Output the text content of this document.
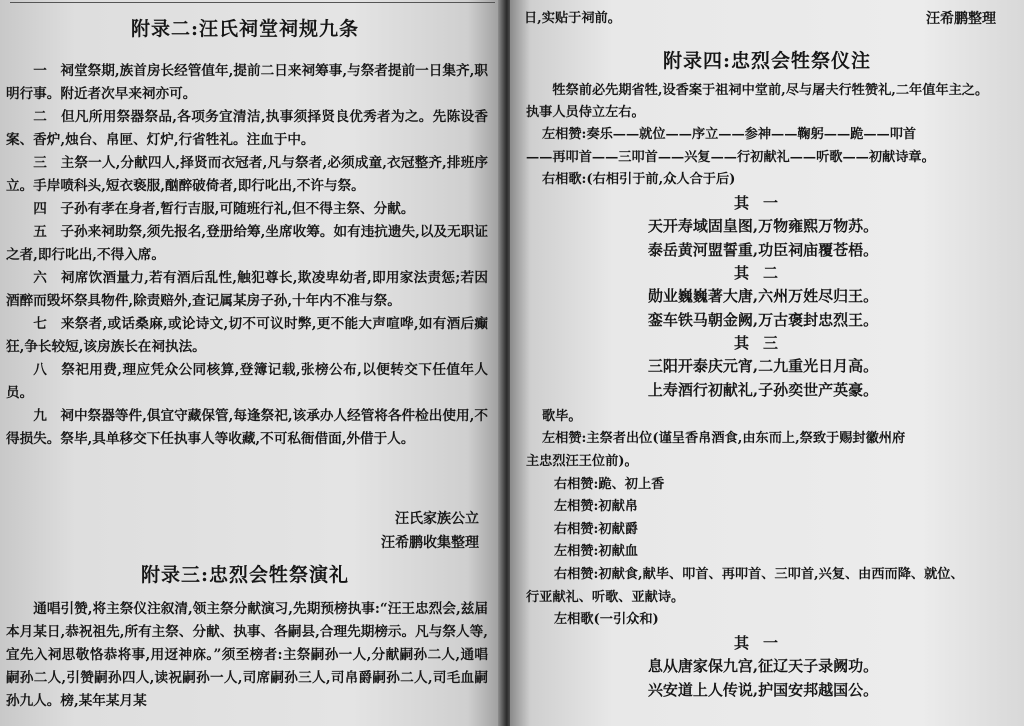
附录二:汪氏祠堂祠规九条

一　祠堂祭期,族首房长经管值年,提前二日来祠筹事,与祭者提前一日集齐,职明行事。附近者次早来祠亦可。

二　但凡所用祭器祭品,各项务宜清洁,执事须择贤良优秀者为之。先陈设香案、香炉,烛台、帛匣、灯炉,行省牲礼。注血于中。

三　主祭一人,分献四人,择贤而衣冠者,凡与祭者,必须成童,衣冠整齐,排班序立。手岸喷科头,短衣亵服,酗醉破倚者,即行叱出,不许与祭。

四　子孙有孝在身者,暂行吉服,可随班行礼,但不得主祭、分献。

五　子孙来祠助祭,须先报名,登册给筹,坐席收筹。如有违抗遗失,以及无职证之者,即行叱出,不得入席。

六　祠席饮酒量力,若有酒后乱性,触犯尊长,欺凌卑幼者,即用家法责惩;若因酒醉而毁坏祭具物件,除责赔外,查记属某房子孙,十年内不准与祭。

七　来祭者,或话桑麻,或论诗文,切不可议时弊,更不能大声喧哗,如有酒后癫狂,争长较短,该房族长在祠执法。

八　祭祀用费,理应凭众公同核算,登簿记载,张榜公布,以便转交下任值年人员。

九　祠中祭器等件,俱宜守藏保管,每逢祭祀,该承办人经管将各件检出使用,不得损失。祭毕,具单移交下任执事人等收藏,不可私衙借面,外借于人。

汪氏家族公立
汪希鹏收集整理
附录三:忠烈会牲祭演礼

通唱引赞,将主祭仪注叙清,领主祭分献演习,先期预榜执事:“汪王忠烈会,兹届本月某日,恭祝祖先,所有主祭、分献、执事、各嗣县,合理先期榜示。凡与祭人等,宜先入祠思敬恪恭将事,用迓神庥。”须至榜者:主祭嗣孙一人,分献嗣孙二人,通唱嗣孙二人,引赞嗣孙四人,读祝嗣孙一人,司席嗣孙三人,司帛爵嗣孙二人,司毛血嗣孙九人。榜,某年某月某

日,实贴于祠前。	汪希鹏整理
附录四:忠烈会牲祭仪注

牲祭前必先期省牲,设香案于祖祠中堂前,尽与屠夫行牲赞礼,二年值年主之。执事人员侍立左右。

左相赞:奏乐——就位——序立——参神——鞠躬——跪——叩首

——再叩首——三叩首——兴复——行初献礼——听歌——初献诗章。

右相歌:(右相引于前,众人合于后)

其一
天开寿域固皇图,万物雍熙万物苏。
泰岳黄河盟誓重,功臣祠庙覆苍梧。
其二
勋业巍巍著大唐,六州万姓尽归王。
銮车铁马朝金阙,万古褒封忠烈王。
其三
三阳开泰庆元宵,二九重光日月高。
上寿酒行初献礼,子孙奕世产英豪。

歌毕。

左相赞:主祭者出位(谨呈香帛酒食,由东而上,祭致于赐封徽州府

主忠烈汪王位前)。

右相赞:跪、初上香

左相赞:初献帛

右相赞:初献爵

左相赞:初献血

右相赞:初献食,献毕、叩首、再叩首、三叩首,兴复、由西而降、就位、

行亚献礼、听歌、亚献诗。

左相歌(一引众和)

其一
息从唐家保九宫,征辽天子录阙功。
兴安道上人传说,护国安邦越国公。
